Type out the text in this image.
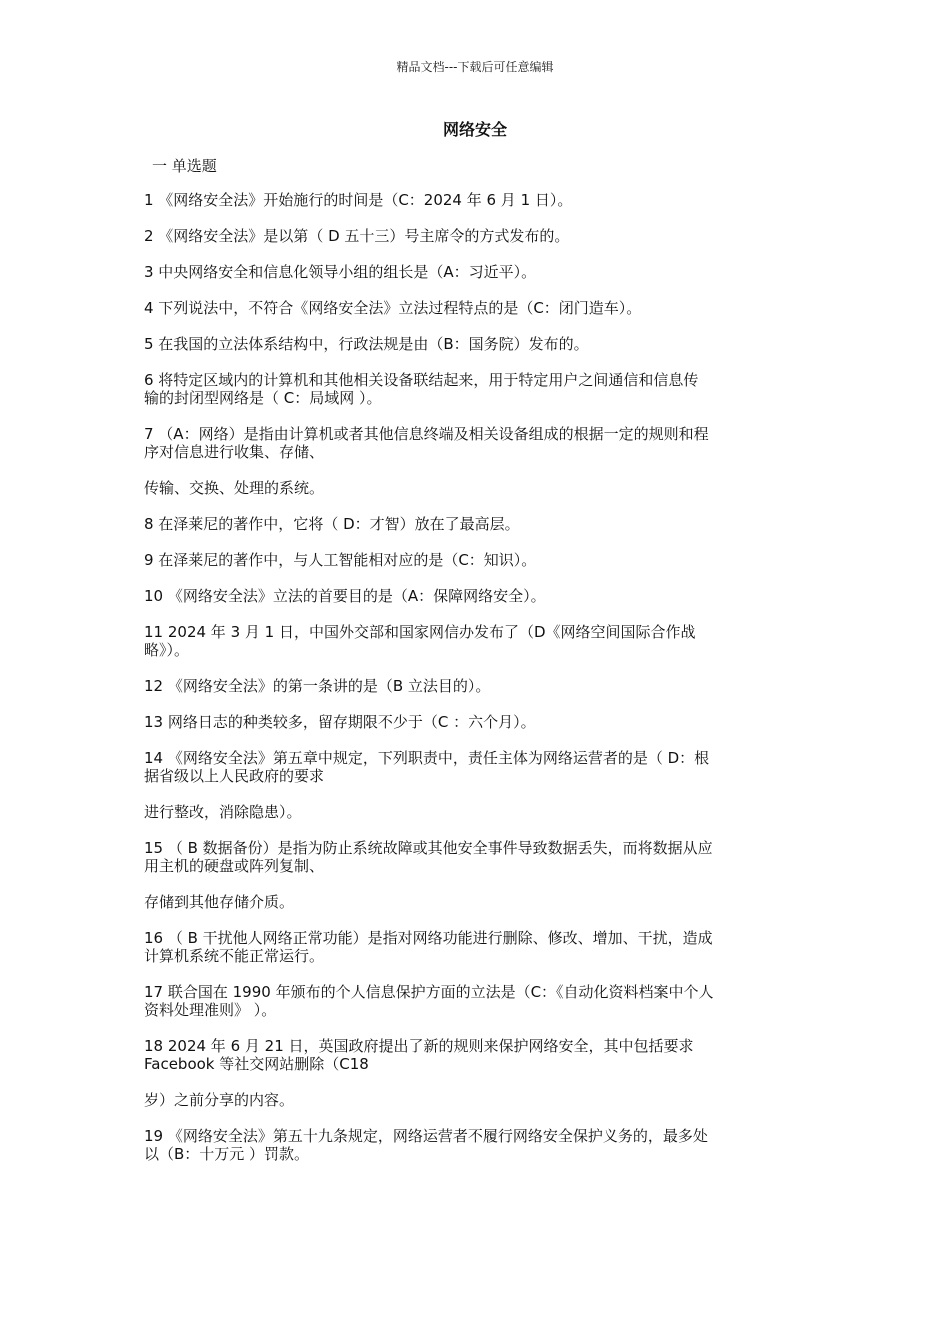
精品文档---下载后可任意编辑
网络安全
一 单选题

1 《网络安全法》开始施行的时间是（C：2024 年 6 月 1 日）。

2 《网络安全法》是以第（ D 五十三）号主席令的方式发布的。

3 中央网络安全和信息化领导小组的组长是（A：习近平）。

4 下列说法中，不符合《网络安全法》立法过程特点的是（C：闭门造车）。

5 在我国的立法体系结构中，行政法规是由（B：国务院）发布的。

6 将特定区域内的计算机和其他相关设备联结起来，用于特定用户之间通信和信息传
输的封闭型网络是（ C：局域网 ）。

7 （A：网络）是指由计算机或者其他信息终端及相关设备组成的根据一定的规则和程
序对信息进行收集、存储、

传输、交换、处理的系统。

8 在泽莱尼的著作中，它将（ D：才智）放在了最高层。

9 在泽莱尼的著作中，与人工智能相对应的是（C：知识）。

10 《网络安全法》立法的首要目的是（A：保障网络安全）。

11 2024 年 3 月 1 日，中国外交部和国家网信办发布了（D《网络空间国际合作战
略》）。

12 《网络安全法》的第一条讲的是（B 立法目的）。

13 网络日志的种类较多，留存期限不少于（C ：六个月）。

14 《网络安全法》第五章中规定，下列职责中，责任主体为网络运营者的是（ D：根
据省级以上人民政府的要求

进行整改，消除隐患）。

15 （ B 数据备份）是指为防止系统故障或其他安全事件导致数据丢失，而将数据从应
用主机的硬盘或阵列复制、

存储到其他存储介质。

16 （ B 干扰他人网络正常功能）是指对网络功能进行删除、修改、增加、干扰，造成
计算机系统不能正常运行。

17 联合国在 1990 年颁布的个人信息保护方面的立法是（C：《自动化资料档案中个人
资料处理准则》 ）。

18 2024 年 6 月 21 日，英国政府提出了新的规则来保护网络安全，其中包括要求
Facebook 等社交网站删除（C18

岁）之前分享的内容。

19 《网络安全法》第五十九条规定，网络运营者不履行网络安全保护义务的，最多处
以（B：十万元 ）罚款。
